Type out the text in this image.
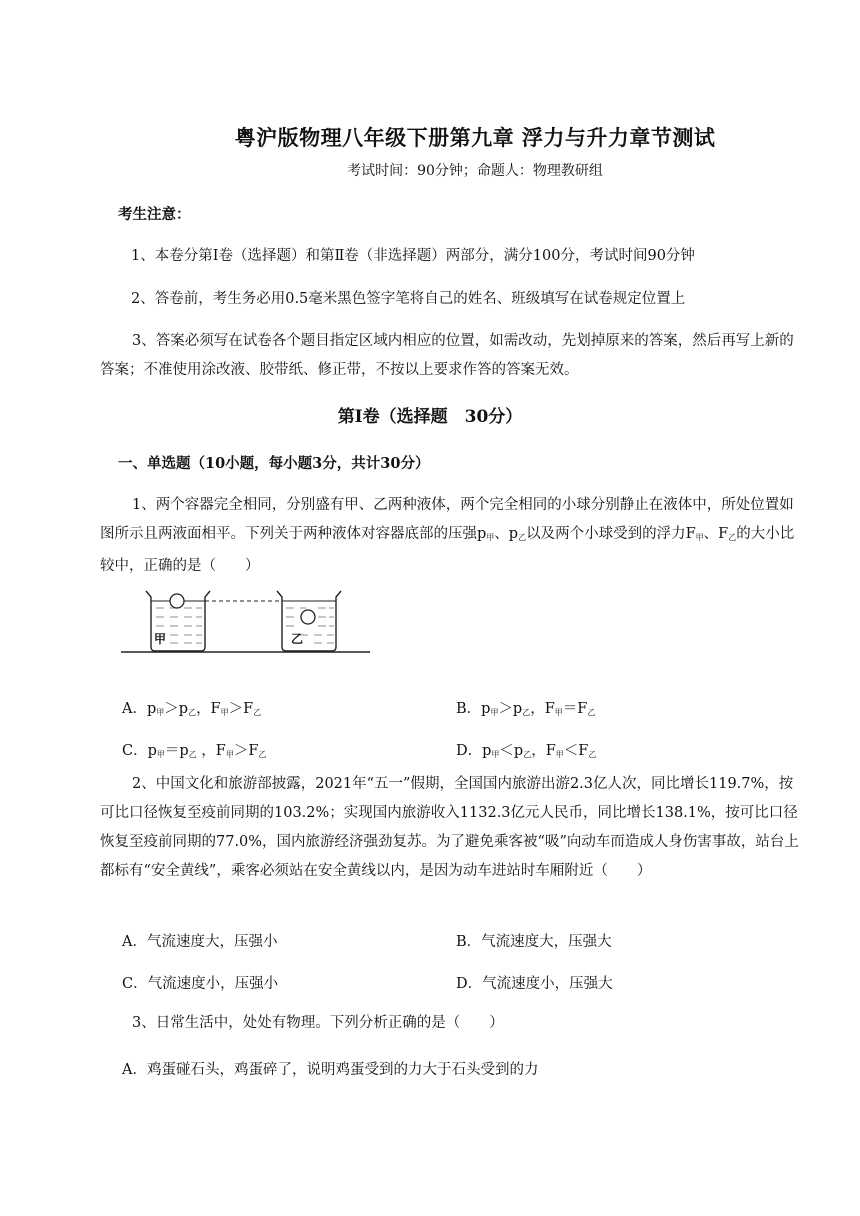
粤沪版物理八年级下册第九章 浮力与升力章节测试
考试时间：90分钟；命题人：物理教研组
考生注意：
1、本卷分第Ⅰ卷（选择题）和第Ⅱ卷（非选择题）两部分，满分100分，考试时间90分钟
2、答卷前，考生务必用0.5毫米黑色签字笔将自己的姓名、班级填写在试卷规定位置上
3、答案必须写在试卷各个题目指定区域内相应的位置，如需改动，先划掉原来的答案，然后再写上新的答案；不准使用涂改液、胶带纸、修正带，不按以上要求作答的答案无效。
第Ⅰ卷（选择题　30分）
一、单选题（10小题，每小题3分，共计30分）
1、两个容器完全相同，分别盛有甲、乙两种液体，两个完全相同的小球分别静止在液体中，所处位置如图所示且两液面相平。下列关于两种液体对容器底部的压强$p_甲$、$p_乙$以及两个小球受到的浮力$F_甲$、$F_乙$的大小比较中，正确的是（　　）
甲	乙
A．$p_甲>p_乙$，$F_甲>F_乙$	B．$p_甲>p_乙$，$F_甲=F_乙$
C．$p_甲=p_乙$ ，$F_甲>F_乙$	D．$p_甲<p_乙$，$F_甲<F_乙$
2、中国文化和旅游部披露，2021年“五一”假期，全国国内旅游出游2.3亿人次，同比增长119.7%，按可比口径恢复至疫前同期的103.2%；实现国内旅游收入1132.3亿元人民币，同比增长138.1%，按可比口径恢复至疫前同期的77.0%，国内旅游经济强劲复苏。为了避免乘客被“吸”向动车而造成人身伤害事故，站台上都标有“安全黄线”，乘客必须站在安全黄线以内，是因为动车进站时车厢附近（　　）
A．气流速度大，压强小	B．气流速度大，压强大
C．气流速度小，压强小	D．气流速度小，压强大
3、日常生活中，处处有物理。下列分析正确的是（　　）
A．鸡蛋碰石头，鸡蛋碎了，说明鸡蛋受到的力大于石头受到的力
